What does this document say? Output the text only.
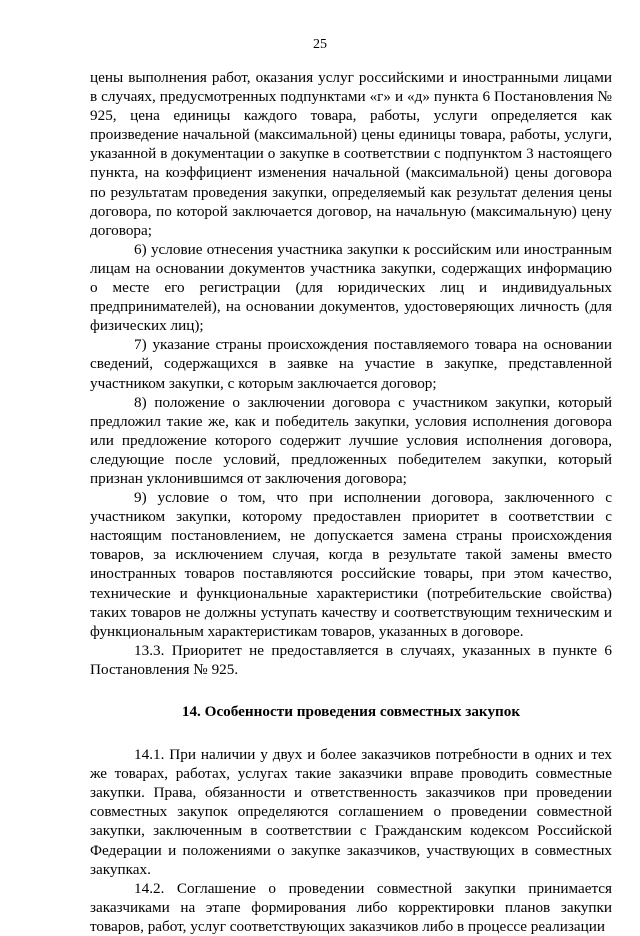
25

цены выполнения работ, оказания услуг российскими и иностранными лицами в случаях, предусмотренных подпунктами «г» и «д» пункта 6 Постановления № 925, цена единицы каждого товара, работы, услуги определяется как произведение начальной (максимальной) цены единицы товара, работы, услуги, указанной в документации о закупке в соответствии с подпунктом 3 настоящего пункта, на коэффициент изменения начальной (максимальной) цены договора по результатам проведения закупки, определяемый как результат деления цены договора, по которой заключается договор, на начальную (максимальную) цену договора;

6) условие отнесения участника закупки к российским или иностранным лицам на основании документов участника закупки, содержащих информацию о месте его регистрации (для юридических лиц и индивидуальных предпринимателей), на основании документов, удостоверяющих личность (для физических лиц);

7) указание страны происхождения поставляемого товара на основании сведений, содержащихся в заявке на участие в закупке, представленной участником закупки, с которым заключается договор;

8) положение о заключении договора с участником закупки, который предложил такие же, как и победитель закупки, условия исполнения договора или предложение которого содержит лучшие условия исполнения договора, следующие после условий, предложенных победителем закупки, который признан уклонившимся от заключения договора;

9) условие о том, что при исполнении договора, заключенного с участником закупки, которому предоставлен приоритет в соответствии с настоящим постановлением, не допускается замена страны происхождения товаров, за исключением случая, когда в результате такой замены вместо иностранных товаров поставляются российские товары, при этом качество, технические и функциональные характеристики (потребительские свойства) таких товаров не должны уступать качеству и соответствующим техническим и функциональным характеристикам товаров, указанных в договоре.

13.3. Приоритет не предоставляется в случаях, указанных в пункте 6 Постановления № 925.

14. Особенности проведения совместных закупок

14.1. При наличии у двух и более заказчиков потребности в одних и тех же товарах, работах, услугах такие заказчики вправе проводить совместные закупки. Права, обязанности и ответственность заказчиков при проведении совместных закупок определяются соглашением о проведении совместной закупки, заключенным в соответствии с Гражданским кодексом Российской Федерации и положениями о закупке заказчиков, участвующих в совместных закупках.

14.2. Соглашение о проведении совместной закупки принимается заказчиками на этапе формирования либо корректировки планов закупки товаров, работ, услуг соответствующих заказчиков либо в процессе реализации
